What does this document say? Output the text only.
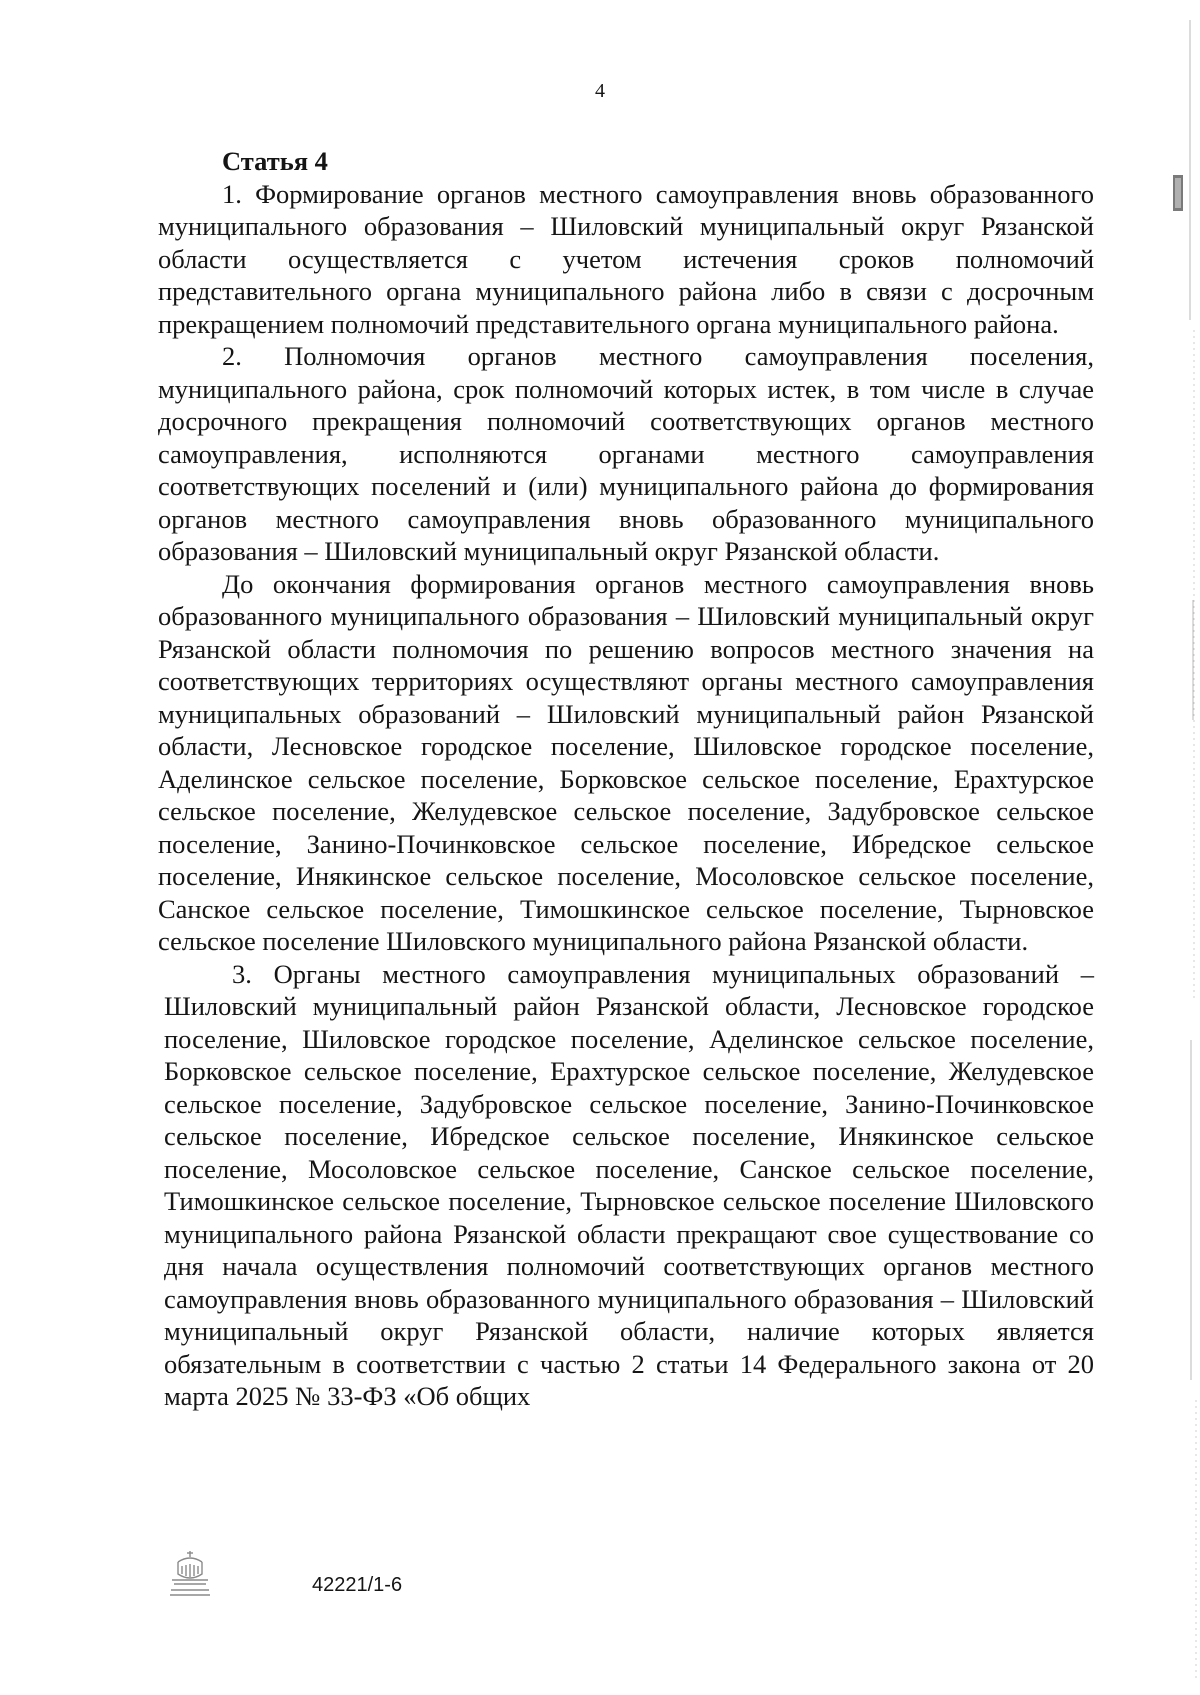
4

Статья 4

1. Формирование органов местного самоуправления вновь образованного муниципального образования – Шиловский муниципальный округ Рязанской области осуществляется с учетом истечения сроков полномочий представительного органа муниципального района либо в связи с досрочным прекращением полномочий представительного органа муниципального района.

2. Полномочия органов местного самоуправления поселения, муниципального района, срок полномочий которых истек, в том числе в случае досрочного прекращения полномочий соответствующих органов местного самоуправления, исполняются органами местного самоуправления соответствующих поселений и (или) муниципального района до формирования органов местного самоуправления вновь образованного муниципального образования – Шиловский муниципальный округ Рязанской области.

До окончания формирования органов местного самоуправления вновь образованного муниципального образования – Шиловский муниципальный округ Рязанской области полномочия по решению вопросов местного значения на соответствующих территориях осуществляют органы местного самоуправления муниципальных образований – Шиловский муниципальный район Рязанской области, Лесновское городское поселение, Шиловское городское поселение, Аделинское сельское поселение, Борковское сельское поселение, Ерахтурское сельское поселение, Желудевское сельское поселение, Задубровское сельское поселение, Занино-Починковское сельское поселение, Ибредское сельское поселение, Инякинское сельское поселение, Мосоловское сельское поселение, Санское сельское поселение, Тимошкинское сельское поселение, Тырновское сельское поселение Шиловского муниципального района Рязанской области.

3. Органы местного самоуправления муниципальных образований – Шиловский муниципальный район Рязанской области, Лесновское городское поселение, Шиловское городское поселение, Аделинское сельское поселение, Борковское сельское поселение, Ерахтурское сельское поселение, Желудевское сельское поселение, Задубровское сельское поселение, Занино-Починковское сельское поселение, Ибредское сельское поселение, Инякинское сельское поселение, Мосоловское сельское поселение, Санское сельское поселение, Тимошкинское сельское поселение, Тырновское сельское поселение Шиловского муниципального района Рязанской области прекращают свое существование со дня начала осуществления полномочий соответствующих органов местного самоуправления вновь образованного муниципального образования – Шиловский муниципальный округ Рязанской области, наличие которых является обязательным в соответствии с частью 2 статьи 14 Федерального закона от 20 марта 2025 № 33-ФЗ «Об общих

42221/1-6
